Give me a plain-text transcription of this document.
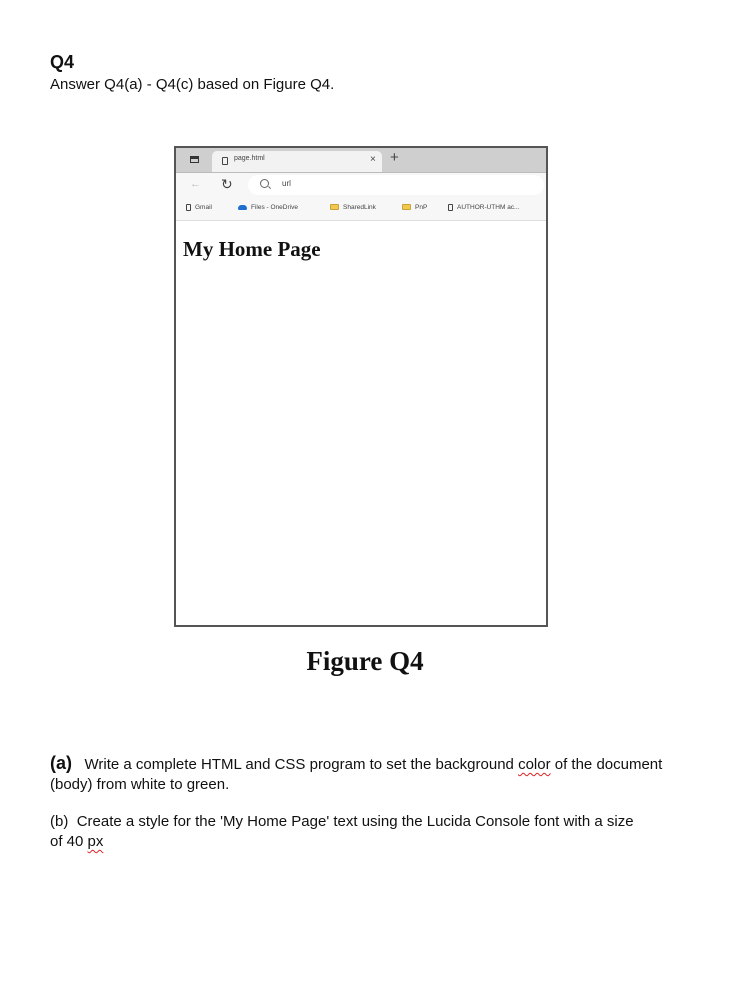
Q4
Answer Q4(a) - Q4(c) based on Figure Q4.
page.html	× +
← ↻	url
Gmail	Files - OneDrive	SharedLink	PnP	AUTHOR-UTHM ac...
My Home Page
Figure Q4
(a) Write a complete HTML and CSS program to set the background color of the document (body) from white to green.
(b) Create a style for the 'My Home Page' text using the Lucida Console font with a size
of 40 px
